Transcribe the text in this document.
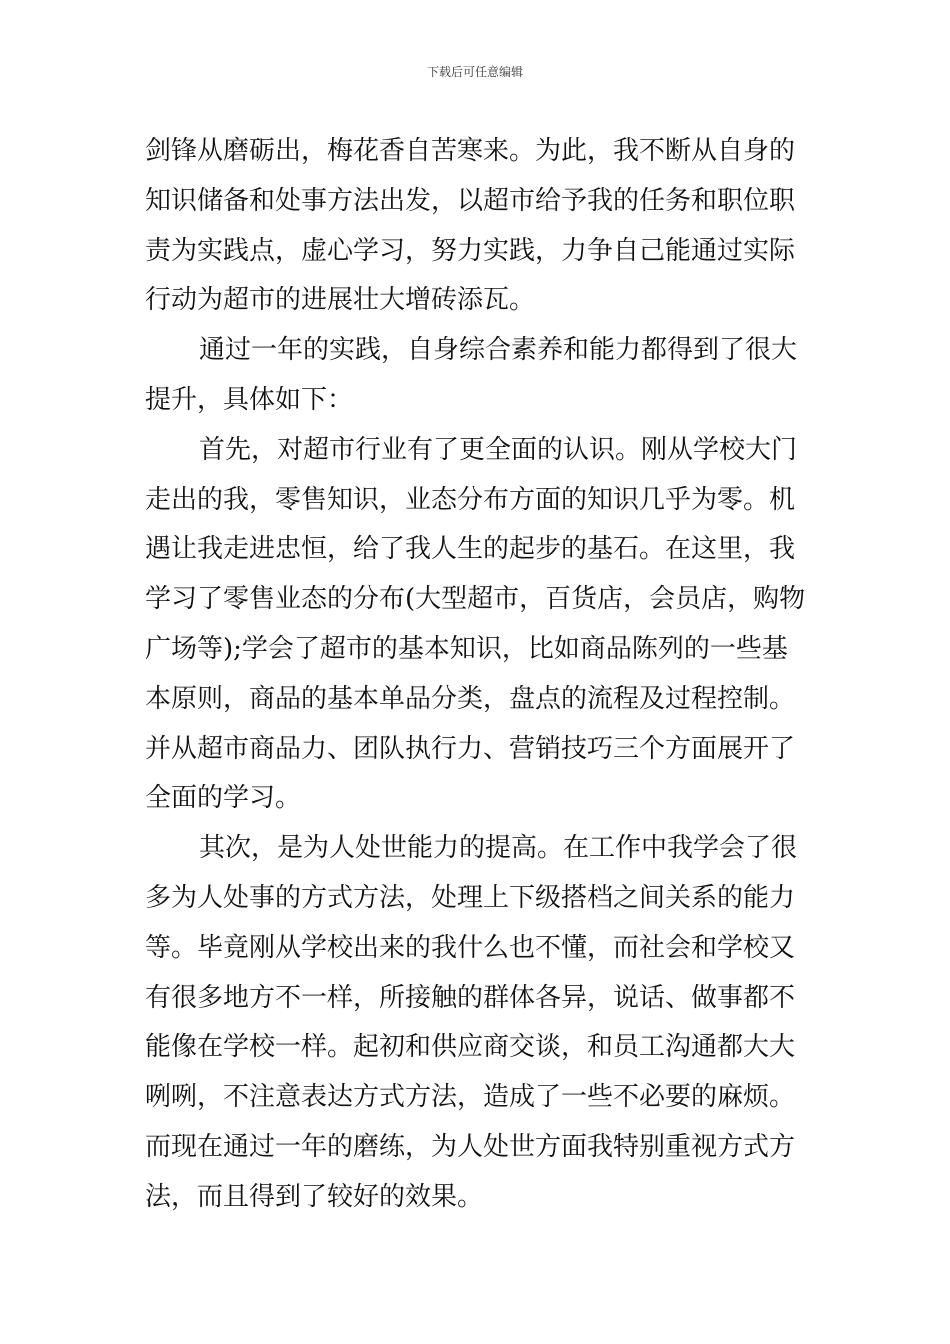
下载后可任意编辑
剑锋从磨砺出，梅花香自苦寒来。为此，我不断从自身的
知识储备和处事方法出发，以超市给予我的任务和职位职
责为实践点，虚心学习，努力实践，力争自己能通过实际
行动为超市的进展壮大增砖添瓦。
通过一年的实践，自身综合素养和能力都得到了很大
提升，具体如下：
首先，对超市行业有了更全面的认识。刚从学校大门
走出的我，零售知识，业态分布方面的知识几乎为零。机
遇让我走进忠恒，给了我人生的起步的基石。在这里，我
学习了零售业态的分布(大型超市，百货店，会员店，购物
广场等);学会了超市的基本知识，比如商品陈列的一些基
本原则，商品的基本单品分类，盘点的流程及过程控制。
并从超市商品力、团队执行力、营销技巧三个方面展开了
全面的学习。
其次，是为人处世能力的提高。在工作中我学会了很
多为人处事的方式方法，处理上下级搭档之间关系的能力
等。毕竟刚从学校出来的我什么也不懂，而社会和学校又
有很多地方不一样，所接触的群体各异，说话、做事都不
能像在学校一样。起初和供应商交谈，和员工沟通都大大
咧咧，不注意表达方式方法，造成了一些不必要的麻烦。
而现在通过一年的磨练，为人处世方面我特别重视方式方
法，而且得到了较好的效果。
